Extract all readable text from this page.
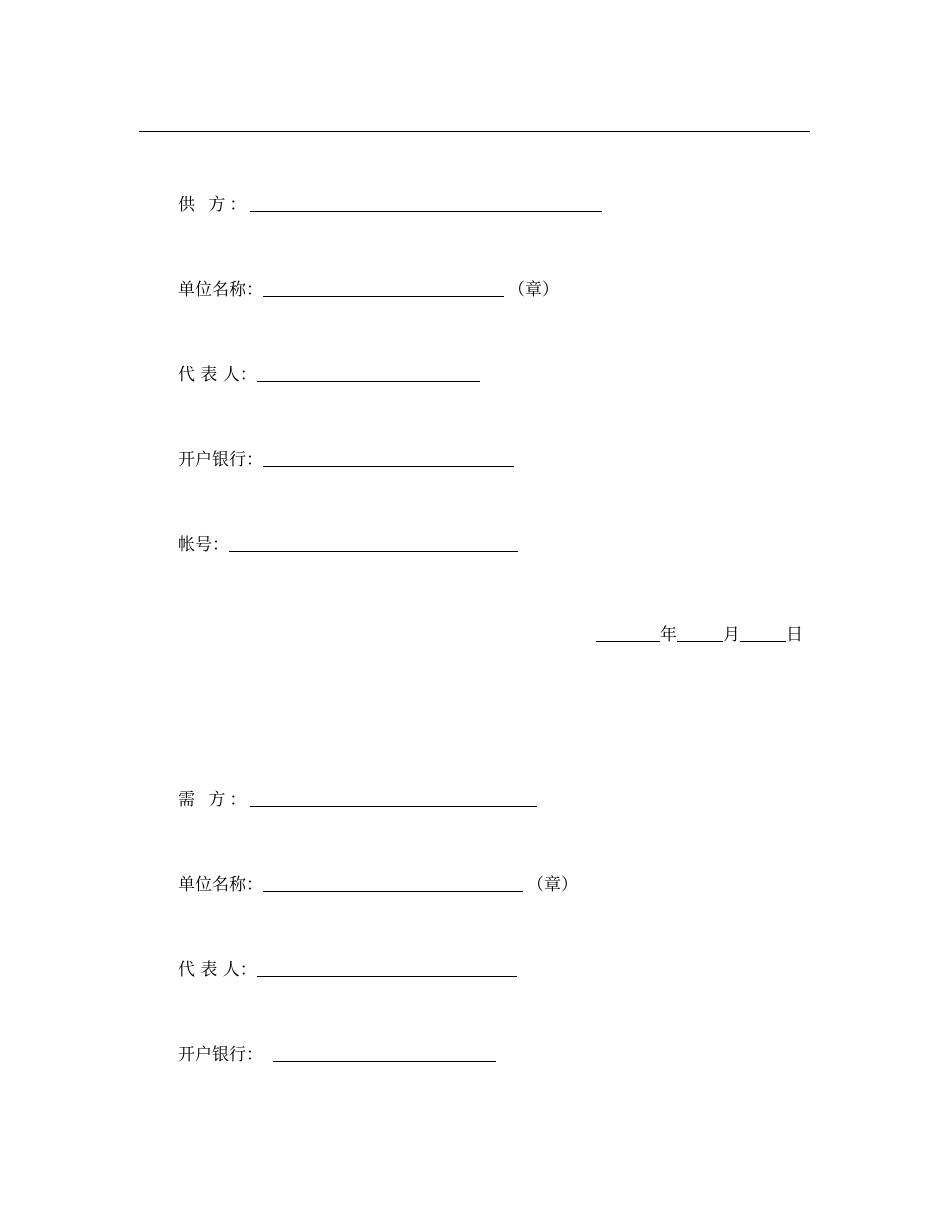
供 方：
单位名称：	（章）
代 表 人：
开户银行：
帐号：
年	月	日
需 方：
单位名称：	（章）
代 表 人：
开户银行：
